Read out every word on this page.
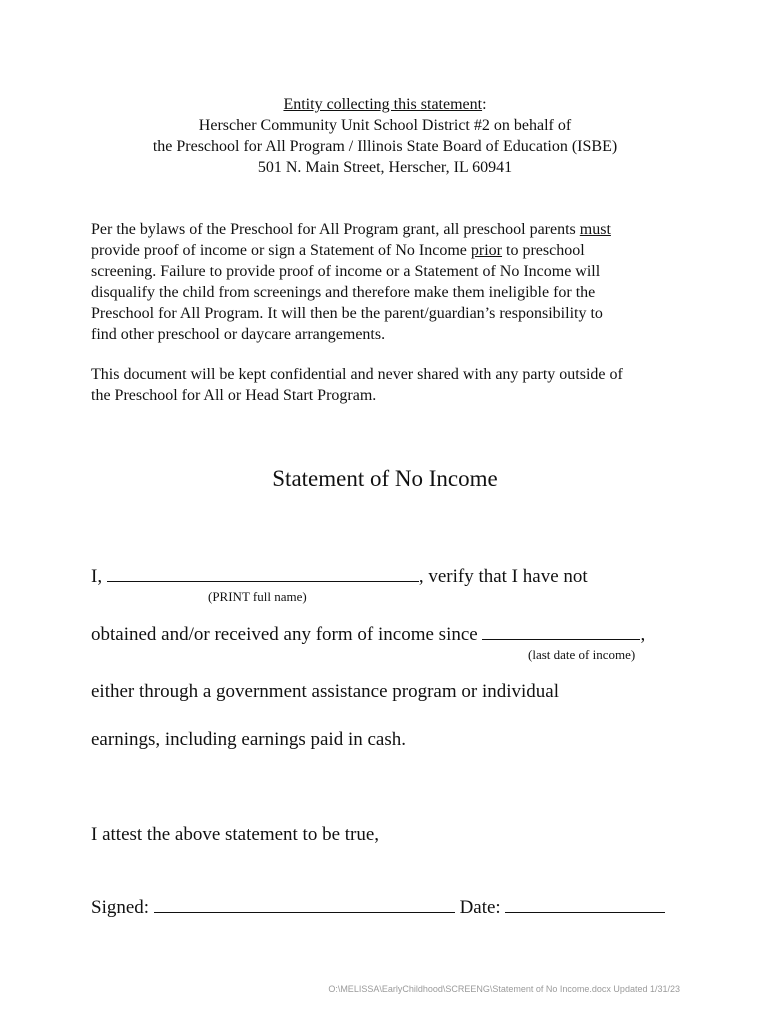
Entity collecting this statement:
Herscher Community Unit School District #2 on behalf of
the Preschool for All Program / Illinois State Board of Education (ISBE)
501 N. Main Street, Herscher, IL 60941
Per the bylaws of the Preschool for All Program grant, all preschool parents must
provide proof of income or sign a Statement of No Income prior to preschool
screening. Failure to provide proof of income or a Statement of No Income will
disqualify the child from screenings and therefore make them ineligible for the
Preschool for All Program. It will then be the parent/guardian’s responsibility to
find other preschool or daycare arrangements.
This document will be kept confidential and never shared with any party outside of
the Preschool for All or Head Start Program.
Statement of No Income
I,	, verify that I have not
(PRINT full name)
obtained and/or received any form of income since	,
(last date of income)
either through a government assistance program or individual
earnings, including earnings paid in cash.
I attest the above statement to be true,
Signed:	Date:
O:\MELISSA\EarlyChildhood\SCREENG\Statement of No Income.docx Updated 1/31/23
